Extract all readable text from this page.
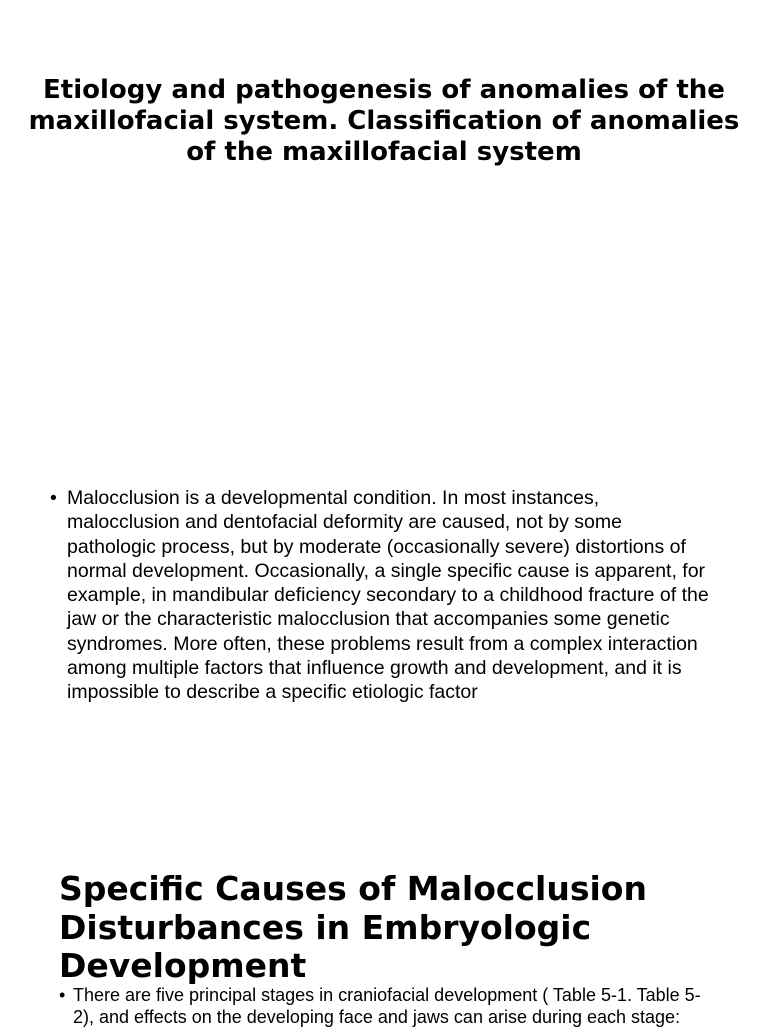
Etiology and pathogenesis of anomalies of the maxillofacial system. Classification of anomalies of the maxillofacial system
• Malocclusion is a developmental condition. In most instances, malocclusion and dentofacial deformity are caused, not by some pathologic process, but by moderate (occasionally severe) distortions of normal development. Occasionally, a single specific cause is apparent, for example, in mandibular deficiency secondary to a childhood fracture of the jaw or the characteristic malocclusion that accompanies some genetic syndromes. More often, these problems result from a complex interaction among multiple factors that influence growth and development, and it is impossible to describe a specific etiologic factor
Specific Causes of Malocclusion Disturbances in Embryologic Development
• There are five principal stages in craniofacial development ( Table 5-1. Table 5-2), and effects on the developing face and jaws can arise during each stage:
